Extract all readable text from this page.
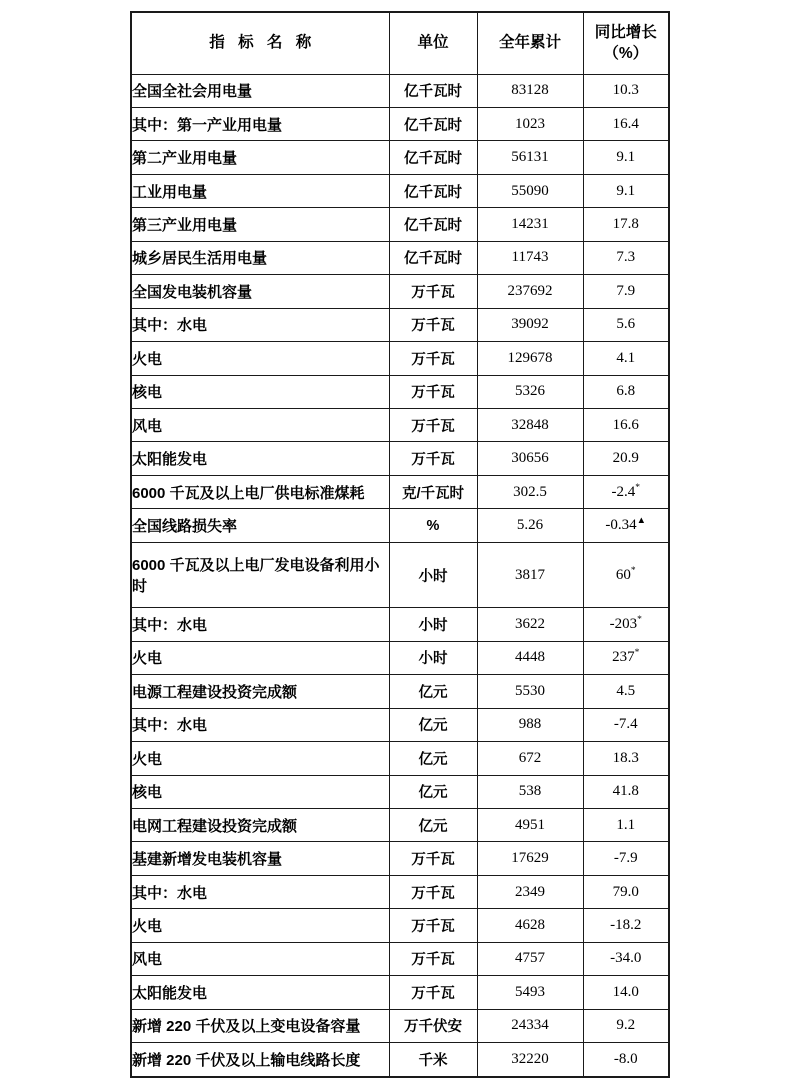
指 标 名 称	单位	全年累计	同比增长
（%）
全国全社会用电量	亿千瓦时	83128	10.3
其中：第一产业用电量	亿千瓦时	1023	16.4
第二产业用电量	亿千瓦时	56131	9.1
工业用电量	亿千瓦时	55090	9.1
第三产业用电量	亿千瓦时	14231	17.8
城乡居民生活用电量	亿千瓦时	11743	7.3
全国发电装机容量	万千瓦	237692	7.9
其中：水电	万千瓦	39092	5.6
火电	万千瓦	129678	4.1
核电	万千瓦	5326	6.8
风电	万千瓦	32848	16.6
太阳能发电	万千瓦	30656	20.9
6000 千瓦及以上电厂供电标准煤耗	克/千瓦时	302.5	-2.4*
全国线路损失率	%	5.26	-0.34▲
6000 千瓦及以上电厂发电设备利用小时	小时	3817	60*
其中：水电	小时	3622	-203*
火电	小时	4448	237*
电源工程建设投资完成额	亿元	5530	4.5
其中：水电	亿元	988	-7.4
火电	亿元	672	18.3
核电	亿元	538	41.8
电网工程建设投资完成额	亿元	4951	1.1
基建新增发电装机容量	万千瓦	17629	-7.9
其中：水电	万千瓦	2349	79.0
火电	万千瓦	4628	-18.2
风电	万千瓦	4757	-34.0
太阳能发电	万千瓦	5493	14.0
新增 220 千伏及以上变电设备容量	万千伏安	24334	9.2
新增 220 千伏及以上输电线路长度	千米	32220	-8.0
